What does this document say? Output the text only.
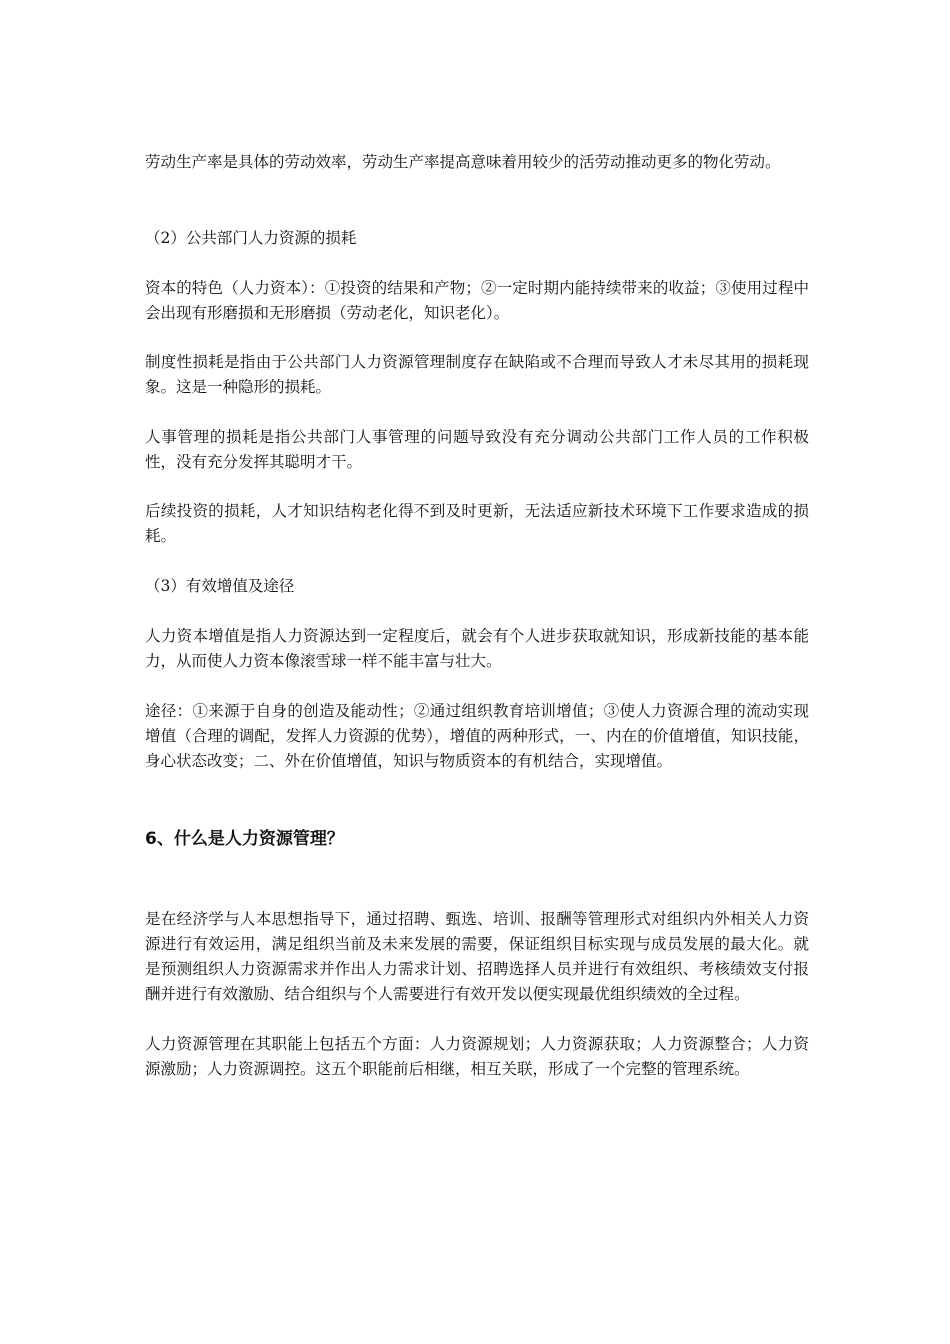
劳动生产率是具体的劳动效率，劳动生产率提高意味着用较少的活劳动推动更多的物化劳动。

（2）公共部门人力资源的损耗

资本的特色（人力资本）：①投资的结果和产物；②一定时期内能持续带来的收益；③使用过程中会出现有形磨损和无形磨损（劳动老化，知识老化）。

制度性损耗是指由于公共部门人力资源管理制度存在缺陷或不合理而导致人才未尽其用的损耗现象。这是一种隐形的损耗。

人事管理的损耗是指公共部门人事管理的问题导致没有充分调动公共部门工作人员的工作积极性，没有充分发挥其聪明才干。

后续投资的损耗，人才知识结构老化得不到及时更新，无法适应新技术环境下工作要求造成的损耗。

（3）有效增值及途径

人力资本增值是指人力资源达到一定程度后，就会有个人进步获取就知识，形成新技能的基本能力，从而使人力资本像滚雪球一样不能丰富与壮大。

途径：①来源于自身的创造及能动性；②通过组织教育培训增值；③使人力资源合理的流动实现增值（合理的调配，发挥人力资源的优势），增值的两种形式，一、内在的价值增值，知识技能，身心状态改变；二、外在价值增值，知识与物质资本的有机结合，实现增值。

6、什么是人力资源管理？

是在经济学与人本思想指导下，通过招聘、甄选、培训、报酬等管理形式对组织内外相关人力资源进行有效运用，满足组织当前及未来发展的需要，保证组织目标实现与成员发展的最大化。就是预测组织人力资源需求并作出人力需求计划、招聘选择人员并进行有效组织、考核绩效支付报酬并进行有效激励、结合组织与个人需要进行有效开发以便实现最优组织绩效的全过程。

人力资源管理在其职能上包括五个方面：人力资源规划；人力资源获取；人力资源整合；人力资源激励；人力资源调控。这五个职能前后相继，相互关联，形成了一个完整的管理系统。
